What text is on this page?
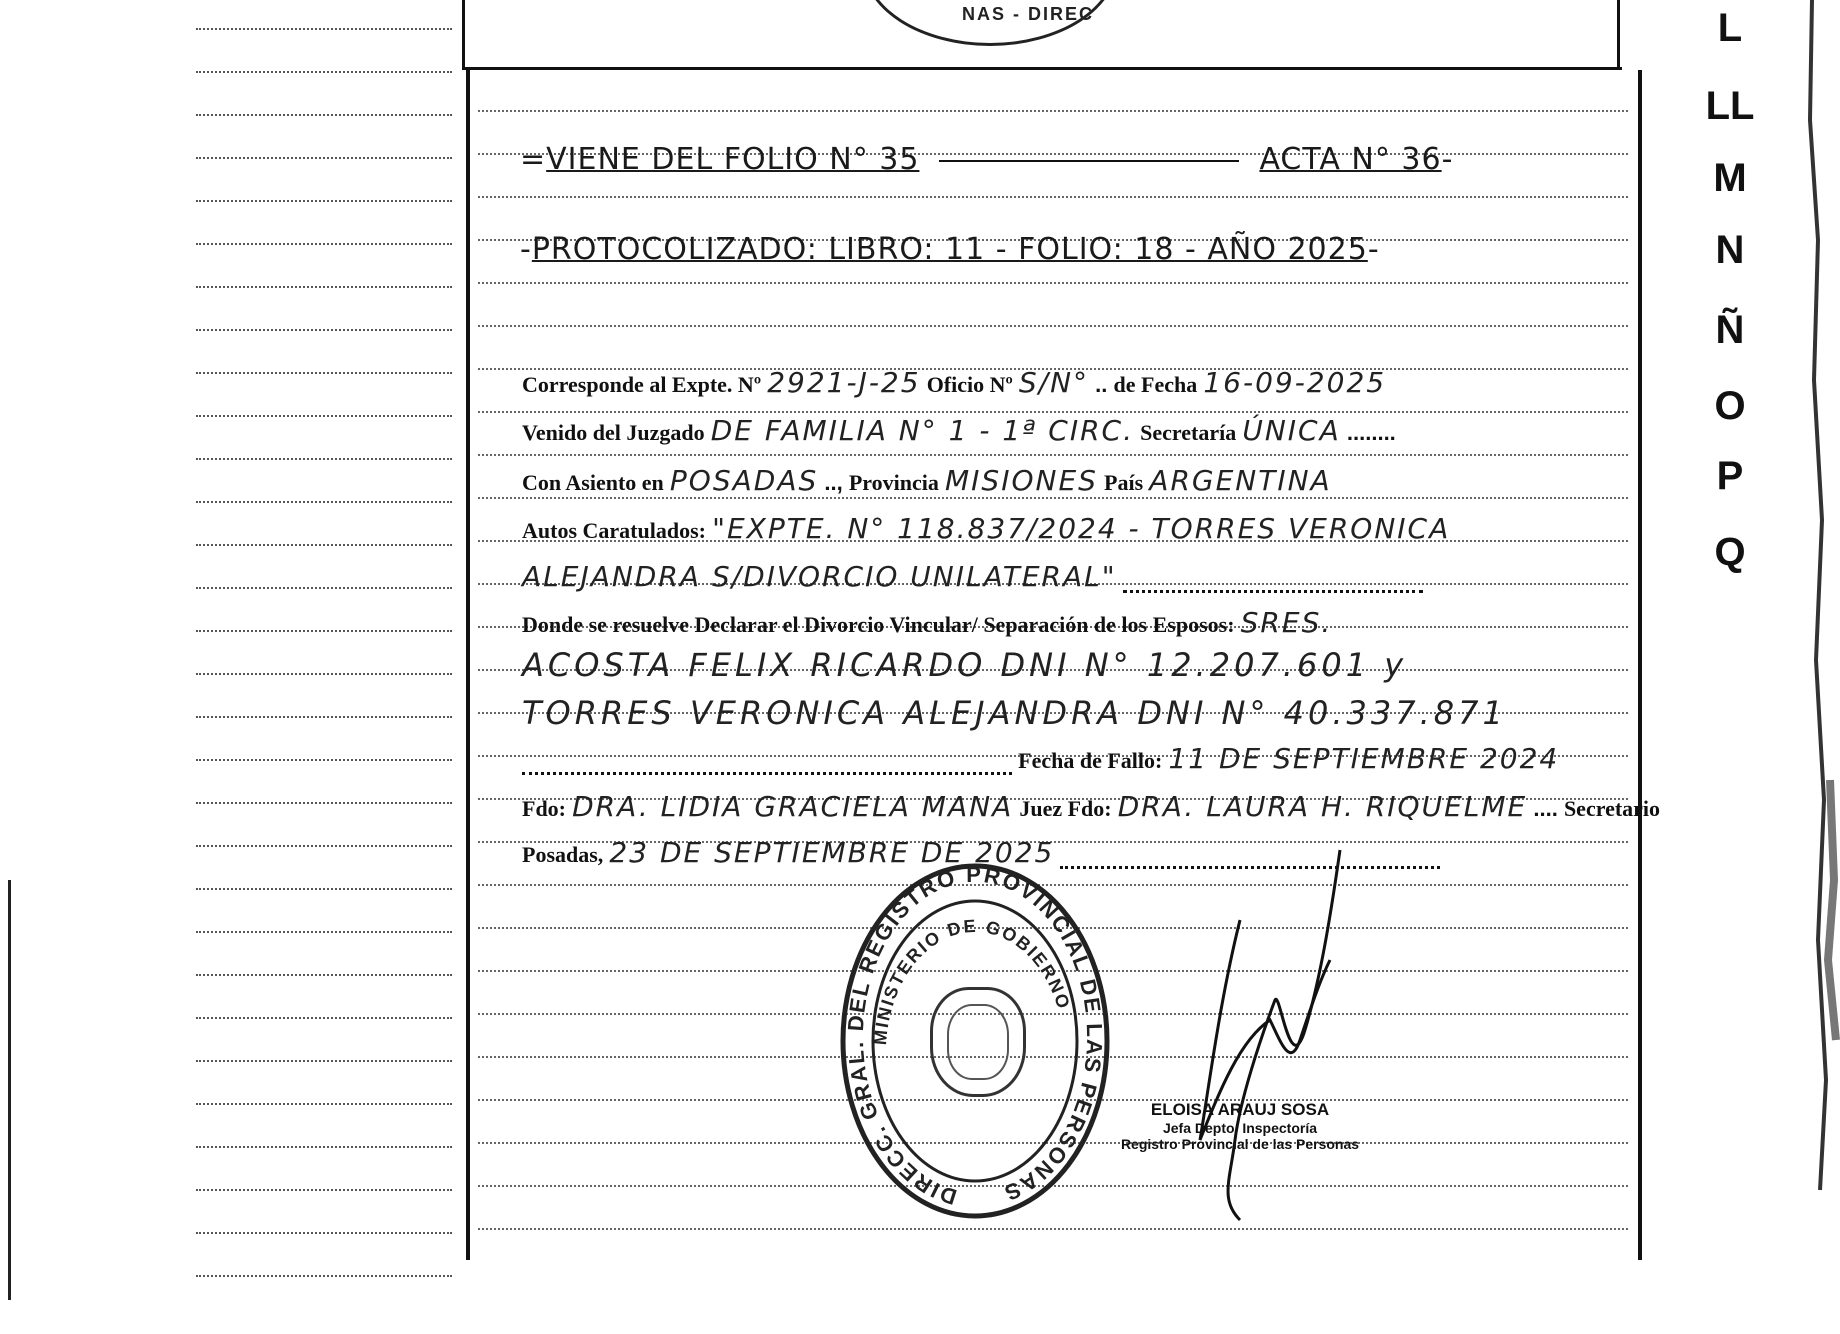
NAS - DIREC
=VIENE DEL FOLIO N° 35	ACTA N° 36-
-PROTOCOLIZADO: LIBRO: 11 - FOLIO: 18 - AÑO 2025-
Corresponde al Expte. Nº 2921-J-25 Oficio Nº S/N° .. de Fecha 16-09-2025
Venido del Juzgado DE FAMILIA N° 1 - 1ª CIRC. Secretaría ÚNICA ........
Con Asiento en POSADAS .., Provincia MISIONES País ARGENTINA
Autos Caratulados: "EXPTE. N° 118.837/2024 - TORRES VERONICA
ALEJANDRA S/DIVORCIO UNILATERAL"
Donde se resuelve Declarar el Divorcio Vincular/ Separación de los Esposos: SRES.
ACOSTA FELIX RICARDO DNI N° 12.207.601 y
TORRES VERONICA ALEJANDRA DNI N° 40.337.871
Fecha de Fallo: 11 DE SEPTIEMBRE 2024
Fdo: DRA. LIDIA GRACIELA MANA Juez Fdo: DRA. LAURA H. RIQUELME .... Secretario
Posadas, 23 DE SEPTIEMBRE DE 2025
DIRECC. GRAL. DEL REGISTRO PROVINCIAL DE LAS PERSONAS
MINISTERIO DE GOBIERNO
ELOISA ARAUJ SOSA
Jefa Depto. Inspectoría
Registro Provincial de las Personas
L
LL
M
N
Ñ
O
P
Q
